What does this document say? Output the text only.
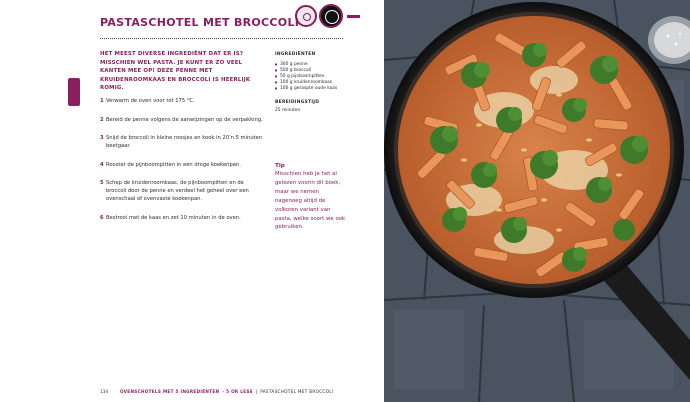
PASTASCHOTEL MET BROCCOLI

HET MEEST DIVERSE INGREDIËNT DAT ER IS? MISSCHIEN WEL PASTA. JE KUNT ER ZO VEEL KANTEN MEE OP! DEZE PENNE MET KRUIDENROOMKAAS EN BROCCOLI IS HEERLIJK ROMIG.

1 Verwarm de oven voor tot 175 °C.
2 Bereid de penne volgens de aanwijzingen op de verpakking.
3 Snijd de broccoli in kleine roosjes en kook in 20’n 5 minuten beetgaar.
4 Rooster de pijnboompitten in een droge koekenpan.
5 Schep de kruidenroomkaas, de pijnboompitten en de broccoli door de penne en verdeel het geheel over een ovenschaal of ovenvaste koekenpan.
6 Bestrooi met de kaas en zet 10 minuten in de oven.
INGREDIËNTEN
■ 300 g penne
■ 500 g broccoli
■ 50 g pijnboompitten
■ 100 g kruidenroomkaas
■ 100 g geraspte oude kaas
BEREIDINGSTIJD
25 minuten
Tip

Misschien heb je het al gelezen voorin dit boek, maar we nemen nagenoeg altijd de volkoren variant van pasta, welke soort we ook gebruiken.

134	OVENSCHOTELS MET 5 INGREDIËNTEN - 5 OR LESS | PASTASCHOTEL MET BROCCOLI
